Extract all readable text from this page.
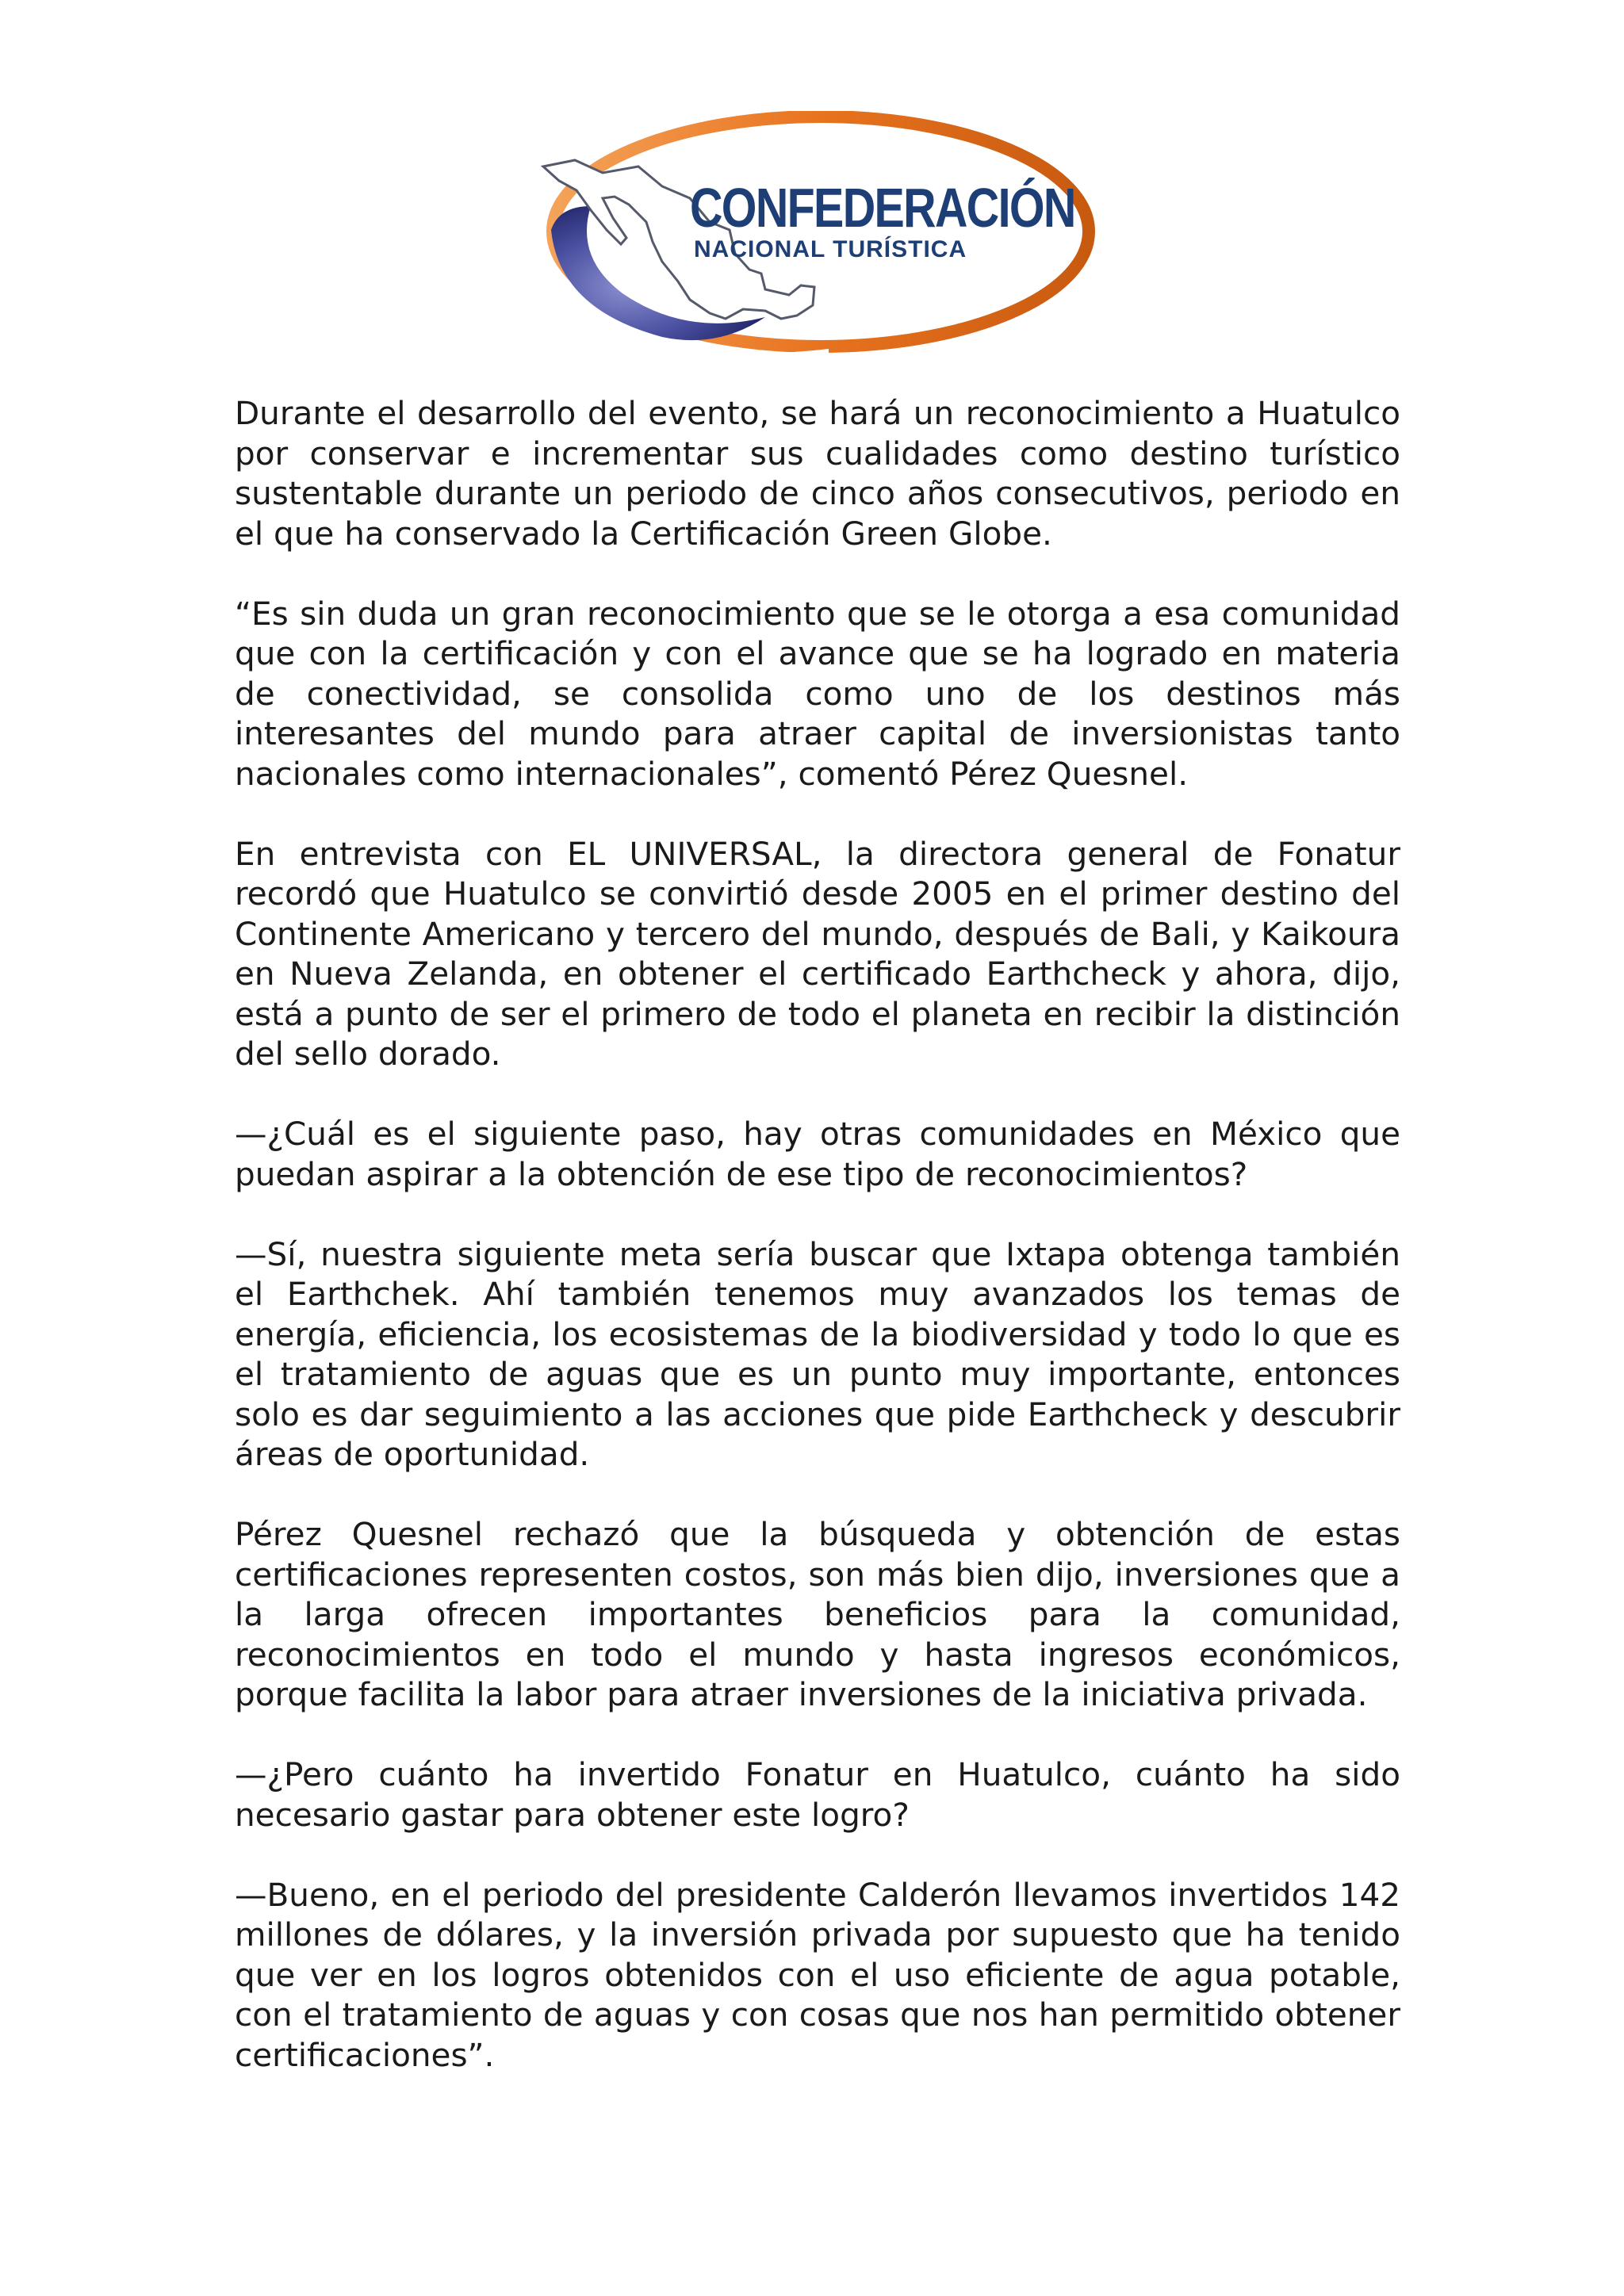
CONFEDERACIÓN
NACIONAL TURÍSTICA

Durante el desarrollo del evento, se hará un reconocimiento a Huatulco por conservar e incrementar sus cualidades como destino turístico sustentable durante un periodo de cinco años consecutivos, periodo en el que ha conservado la Certificación Green Globe.

“Es sin duda un gran reconocimiento que se le otorga a esa comunidad que con la certificación y con el avance que se ha logrado en materia de conectividad, se consolida como uno de los destinos más interesantes del mundo para atraer capital de inversionistas tanto nacionales como internacionales”, comentó Pérez Quesnel.

En entrevista con EL UNIVERSAL, la directora general de Fonatur recordó que Huatulco se convirtió desde 2005 en el primer destino del Continente Americano y tercero del mundo, después de Bali, y Kaikoura en Nueva Zelanda, en obtener el certificado Earthcheck y ahora, dijo, está a punto de ser el primero de todo el planeta en recibir la distinción del sello dorado.

—¿Cuál es el siguiente paso, hay otras comunidades en México que puedan aspirar a la obtención de ese tipo de reconocimientos?

—Sí, nuestra siguiente meta sería buscar que Ixtapa obtenga también el Earthchek. Ahí también tenemos muy avanzados los temas de energía, eficiencia, los ecosistemas de la biodiversidad y todo lo que es el tratamiento de aguas que es un punto muy importante, entonces solo es dar seguimiento a las acciones que pide Earthcheck y descubrir áreas de oportunidad.

Pérez Quesnel rechazó que la búsqueda y obtención de estas certificaciones representen costos, son más bien dijo, inversiones que a la larga ofrecen importantes beneficios para la comunidad, reconocimientos en todo el mundo y hasta ingresos económicos, porque facilita la labor para atraer inversiones de la iniciativa privada.

—¿Pero cuánto ha invertido Fonatur en Huatulco, cuánto ha sido necesario gastar para obtener este logro?

—Bueno, en el periodo del presidente Calderón llevamos invertidos 142 millones de dólares, y la inversión privada por supuesto que ha tenido que ver en los logros obtenidos con el uso eficiente de agua potable, con el tratamiento de aguas y con cosas que nos han permitido obtener certificaciones”.
